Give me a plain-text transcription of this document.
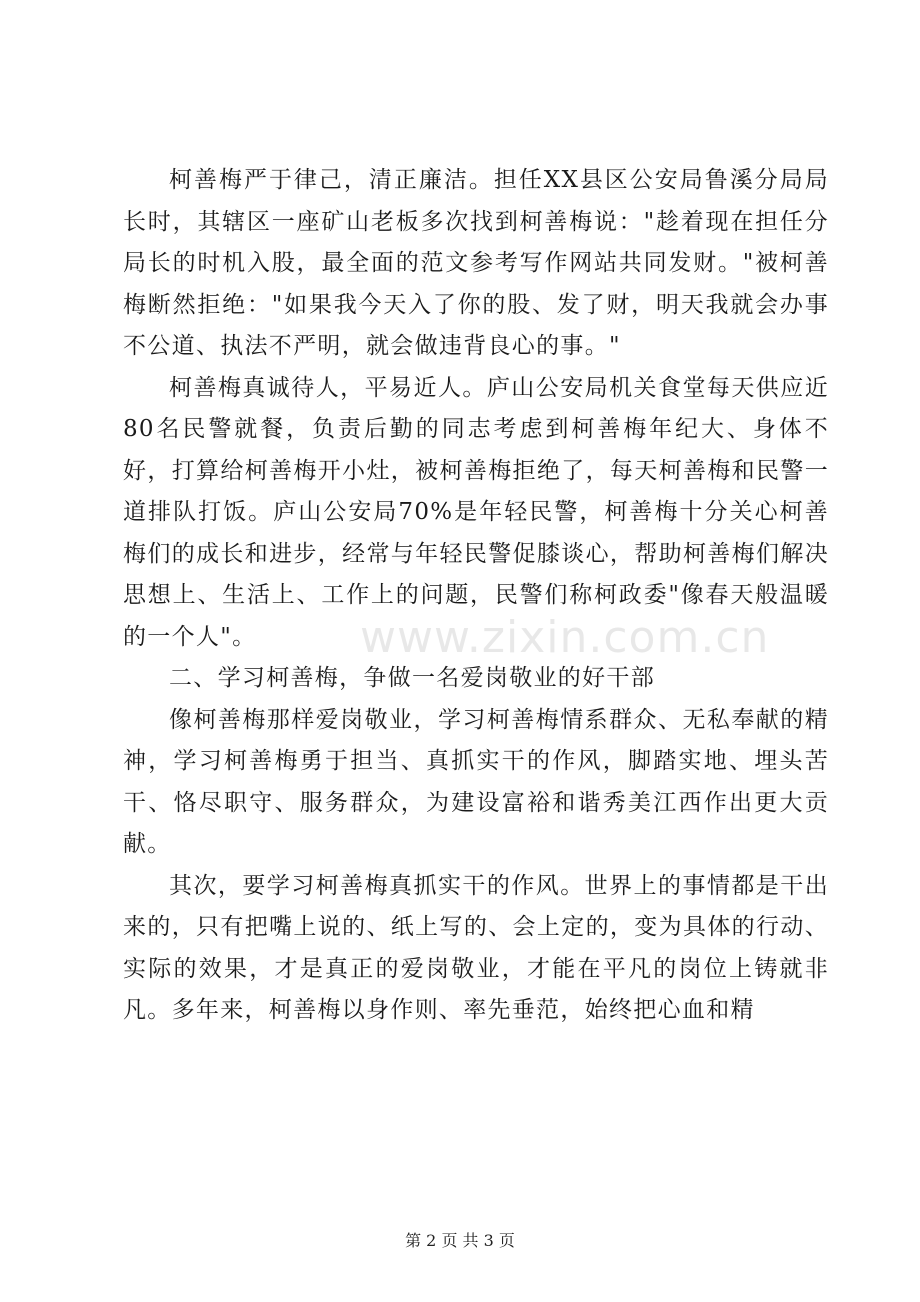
柯善梅严于律己，清正廉洁。担任XX县区公安局鲁溪分局局长时，其辖区一座矿山老板多次找到柯善梅说："趁着现在担任分局长的时机入股，最全面的范文参考写作网站共同发财。"被柯善梅断然拒绝："如果我今天入了你的股、发了财，明天我就会办事不公道、执法不严明，就会做违背良心的事。"

柯善梅真诚待人，平易近人。庐山公安局机关食堂每天供应近80名民警就餐，负责后勤的同志考虑到柯善梅年纪大、身体不好，打算给柯善梅开小灶，被柯善梅拒绝了，每天柯善梅和民警一道排队打饭。庐山公安局70%是年轻民警，柯善梅十分关心柯善梅们的成长和进步，经常与年轻民警促膝谈心，帮助柯善梅们解决思想上、生活上、工作上的问题，民警们称柯政委"像春天般温暖的一个人"。

二、学习柯善梅，争做一名爱岗敬业的好干部

像柯善梅那样爱岗敬业，学习柯善梅情系群众、无私奉献的精神，学习柯善梅勇于担当、真抓实干的作风，脚踏实地、埋头苦干、恪尽职守、服务群众，为建设富裕和谐秀美江西作出更大贡献。

其次，要学习柯善梅真抓实干的作风。世界上的事情都是干出来的，只有把嘴上说的、纸上写的、会上定的，变为具体的行动、实际的效果，才是真正的爱岗敬业，才能在平凡的岗位上铸就非凡。多年来，柯善梅以身作则、率先垂范，始终把心血和精

www.zixin.com.cn
第 2 页 共 3 页
